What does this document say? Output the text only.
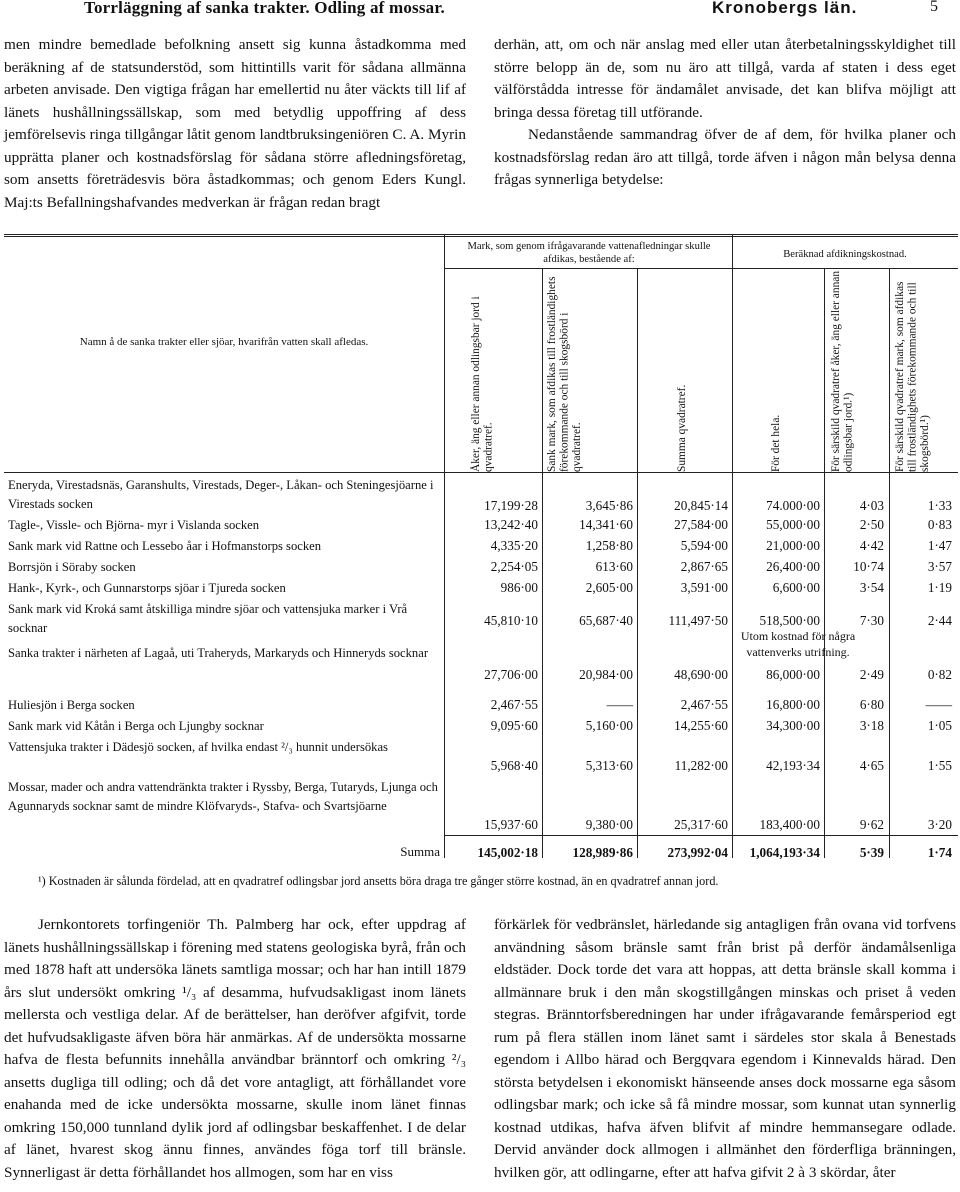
Torrläggning af sanka trakter. Odling af mossar.	Kronobergs län.	5

men mindre bemedlade befolkning ansett sig kunna åstadkomma med beräkning af de statsunderstöd, som hittintills varit för sådana allmänna arbeten anvisade. Den vigtiga frågan har emellertid nu åter väckts till lif af länets hushållningssällskap, som med betydlig uppoffring af dess jemförelsevis ringa tillgångar låtit genom landtbruksingeniören C. A. Myrin upprätta planer och kostnadsförslag för sådana större afledningsföretag, som ansetts företrädesvis böra åstadkommas; och genom Eders Kungl. Maj:ts Befallningshafvandes medverkan är frågan redan bragt

derhän, att, om och när anslag med eller utan återbetalningsskyldighet till större belopp än de, som nu äro att tillgå, varda af staten i dess eget välförstådda intresse för ändamålet anvisade, det kan blifva möjligt att bringa dessa företag till utförande.

Nedanstående sammandrag öfver de af dem, för hvilka planer och kostnadsförslag redan äro att tillgå, torde äfven i någon mån belysa denna frågas synnerliga betydelse:

Namn å de sanka trakter eller sjöar, hvarifrån vatten skall afledas.
Mark, som genom ifrågavarande vattenafledningar skulle afdikas, bestående af:	Beräknad afdikningskostnad.
Åker, äng eller annan odlingsbar jord i qvadratref.	Sank mark, som afdikas till frostländighets förekommande och till skogsbörd i qvadratref.	Summa qvadratref.	För det hela.	För särskild qvadratref åker, äng eller annan odlingsbar jord.¹)	För särskild qvadratref mark, som afdikas till frostländighets förekommande och till skogsbörd.¹)
Eneryda, Virestadsnäs, Garanshults, Virestads, Deger-, Låkan- och Steningesjöarne i Virestads socken	17,199·28	3,645·86	20,845·14	74.000·00	4·03	1·33
Tagle-, Vissle- och Björna- myr i Vislanda socken	13,242·40	14,341·60	27,584·00	55,000·00	2·50	0·83
Sank mark vid Rattne och Lessebo åar i Hofmanstorps socken	4,335·20	1,258·80	5,594·00	21,000·00	4·42	1·47
Borrsjön i Söraby socken	2,254·05	613·60	2,867·65	26,400·00	10·74	3·57
Hank-, Kyrk-, och Gunnarstorps sjöar i Tjureda socken	986·00	2,605·00	3,591·00	6,600·00	3·54	1·19
Sank mark vid Kroká samt åtskilliga mindre sjöar och vattensjuka marker i Vrå socknar	45,810·10	65,687·40	111,497·50	518,500·00	7·30	2·44
Utom kostnad för några vattenverks utrifning.
Sanka trakter i närheten af Lagaå, uti Traheryds, Markaryds och Hinneryds socknar
27,706·00	20,984·00	48,690·00	86,000·00	2·49	0·82
Huliesjön i Berga socken	2,467·55	——	2,467·55	16,800·00	6·80	——
Sank mark vid Kåtån i Berga och Ljungby socknar	9,095·60	5,160·00	14,255·60	34,300·00	3·18	1·05
Vattensjuka trakter i Dädesjö socken, af hvilka endast ²/₃ hunnit undersökas
5,968·40	5,313·60	11,282·00	42,193·34	4·65	1·55
Mossar, mader och andra vattendränkta trakter i Ryssby, Berga, Tutaryds, Ljunga och Agunnaryds socknar samt de mindre Klöfvaryds-, Stafva- och Svartsjöarne
15,937·60	9,380·00	25,317·60	183,400·00	9·62	3·20
Summa	145,002·18	128,989·86	273,992·04	1,064,193·34	5·39	1·74
¹) Kostnaden är sålunda fördelad, att en qvadratref odlingsbar jord ansetts böra draga tre gånger större kostnad, än en qvadratref annan jord.

Jernkontorets torfingeniör Th. Palmberg har ock, efter uppdrag af länets hushållningssällskap i förening med statens geologiska byrå, från och med 1878 haft att undersöka länets samtliga mossar; och har han intill 1879 års slut undersökt omkring ¹/₃ af desamma, hufvudsakligast inom länets mellersta och vestliga delar. Af de berättelser, han deröfver afgifvit, torde det hufvudsakligaste äfven böra här anmärkas. Af de undersökta mossarne hafva de flesta befunnits innehålla användbar bränntorf och omkring ²/₃ ansetts dugliga till odling; och då det vore antagligt, att förhållandet vore enahanda med de icke undersökta mossarne, skulle inom länet finnas omkring 150,000 tunnland dylik jord af odlingsbar beskaffenhet. I de delar af länet, hvarest skog ännu finnes, användes föga torf till bränsle. Synnerligast är detta förhållandet hos allmogen, som har en viss

förkärlek för vedbränslet, härledande sig antagligen från ovana vid torfvens användning såsom bränsle samt från brist på derför ändamålsenliga eldstäder. Dock torde det vara att hoppas, att detta bränsle skall komma i allmännare bruk i den mån skogstillgången minskas och priset å veden stegras. Bränntorfsberedningen har under ifrågavarande femårsperiod egt rum på flera ställen inom länet samt i särdeles stor skala å Benestads egendom i Allbo härad och Bergqvara egendom i Kinnevalds härad. Den största betydelsen i ekonomiskt hänseende anses dock mossarne ega såsom odlingsbar mark; och icke så få mindre mossar, som kunnat utan synnerlig kostnad utdikas, hafva äfven blifvit af mindre hemmansegare odlade. Dervid använder dock allmogen i allmänhet den förderfliga bränningen, hvilken gör, att odlingarne, efter att hafva gifvit 2 à 3 skördar, åter
